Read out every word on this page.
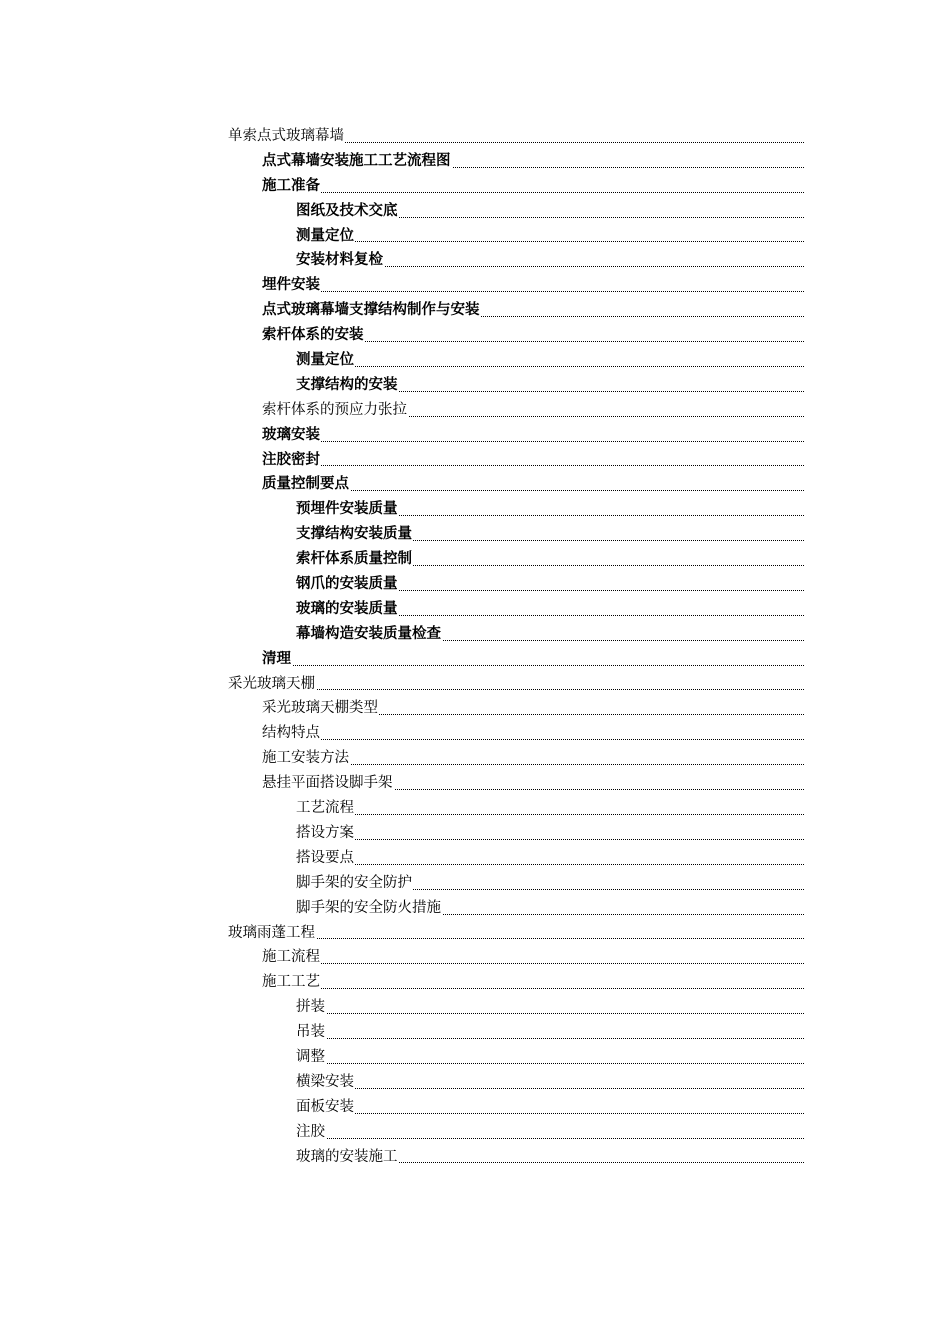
单索点式玻璃幕墙
点式幕墙安装施工工艺流程图
施工准备
图纸及技术交底
测量定位
安装材料复检
埋件安装
点式玻璃幕墙支撑结构制作与安装
索杆体系的安装
测量定位
支撑结构的安装
索杆体系的预应力张拉
玻璃安装
注胶密封
质量控制要点
预埋件安装质量
支撑结构安装质量
索杆体系质量控制
钢爪的安装质量
玻璃的安装质量
幕墙构造安装质量检查
清理
采光玻璃天棚
采光玻璃天棚类型
结构特点
施工安装方法
悬挂平面搭设脚手架
工艺流程
搭设方案
搭设要点
脚手架的安全防护
脚手架的安全防火措施
玻璃雨蓬工程
施工流程
施工工艺
拼装
吊装
调整
横梁安装
面板安装
注胶
玻璃的安装施工
